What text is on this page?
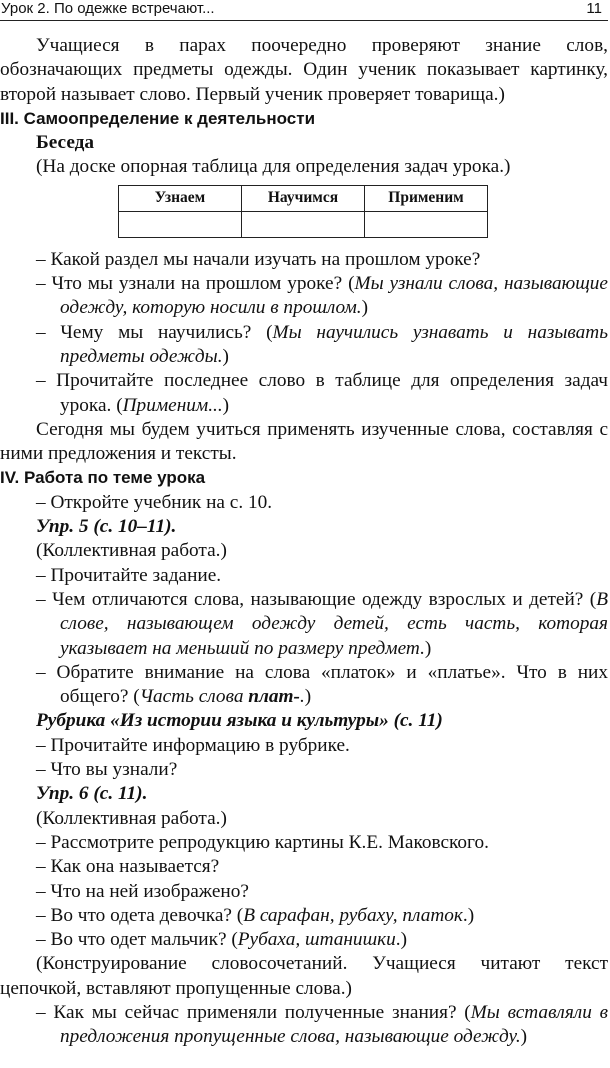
Урок 2. По одежке встречают...	11

Учащиеся в парах поочередно проверяют знание слов, обозначающих предметы одежды. Один ученик показывает картинку, второй называет слово. Первый ученик проверяет товарища.)

III. Самоопределение к деятельности

Беседа

(На доске опорная таблица для определения задач урока.)

Узнаем	Научимся	Применим

– Какой раздел мы начали изучать на прошлом уроке?

– Что мы узнали на прошлом уроке? (Мы узнали слова, называющие одежду, которую носили в прошлом.)

– Чему мы научились? (Мы научились узнавать и называть предметы одежды.)

– Прочитайте последнее слово в таблице для определения задач урока. (Применим...)

Сегодня мы будем учиться применять изученные слова, составляя с ними предложения и тексты.

IV. Работа по теме урока

– Откройте учебник на с. 10.

Упр. 5 (с. 10–11).

(Коллективная работа.)

– Прочитайте задание.

– Чем отличаются слова, называющие одежду взрослых и детей? (В слове, называющем одежду детей, есть часть, которая указывает на меньший по размеру предмет.)

– Обратите внимание на слова «платок» и «платье». Что в них общего? (Часть слова плат-.)

Рубрика «Из истории языка и культуры» (с. 11)

– Прочитайте информацию в рубрике.

– Что вы узнали?

Упр. 6 (с. 11).

(Коллективная работа.)

– Рассмотрите репродукцию картины К.Е. Маковского.

– Как она называется?

– Что на ней изображено?

– Во что одета девочка? (В сарафан, рубаху, платок.)

– Во что одет мальчик? (Рубаха, штанишки.)

(Конструирование словосочетаний. Учащиеся читают текст цепочкой, вставляют пропущенные слова.)

– Как мы сейчас применяли полученные знания? (Мы вставляли в предложения пропущенные слова, называющие одежду.)
